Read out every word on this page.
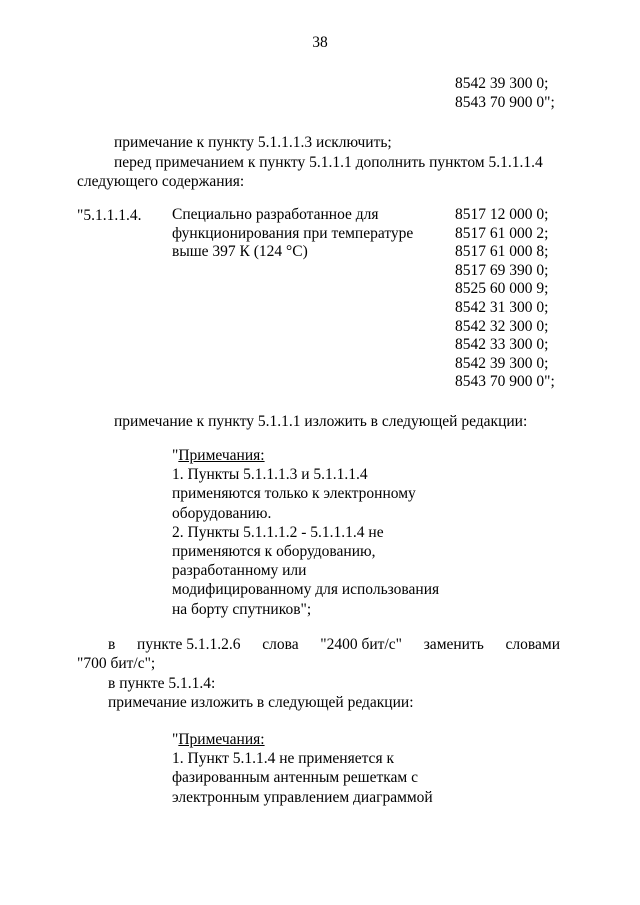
38
8542 39 300 0;
8543 70 900 0";
примечание к пункту 5.1.1.1.3 исключить;
перед примечанием к пункту 5.1.1.1 дополнить пунктом 5.1.1.1.4
следующего содержания:
"5.1.1.1.4. Специально разработанное для
функционирования при температуре
выше 397 К (124 °С)
8517 12 000 0;
8517 61 000 2;
8517 61 000 8;
8517 69 390 0;
8525 60 000 9;
8542 31 300 0;
8542 32 300 0;
8542 33 300 0;
8542 39 300 0;
8543 70 900 0";
примечание к пункту 5.1.1.1 изложить в следующей редакции:
"Примечания:
1. Пункты 5.1.1.1.3 и 5.1.1.1.4
применяются только к электронному
оборудованию.
2. Пункты 5.1.1.1.2 - 5.1.1.1.4 не
применяются к оборудованию,
разработанному или
модифицированному для использования
на борту спутников";
в пункте 5.1.1.2.6 слова "2400 бит/с" заменить словами
"700 бит/с";
в пункте 5.1.1.4:
примечание изложить в следующей редакции:
"Примечания:
1. Пункт 5.1.1.4 не применяется к
фазированным антенным решеткам с
электронным управлением диаграммой
